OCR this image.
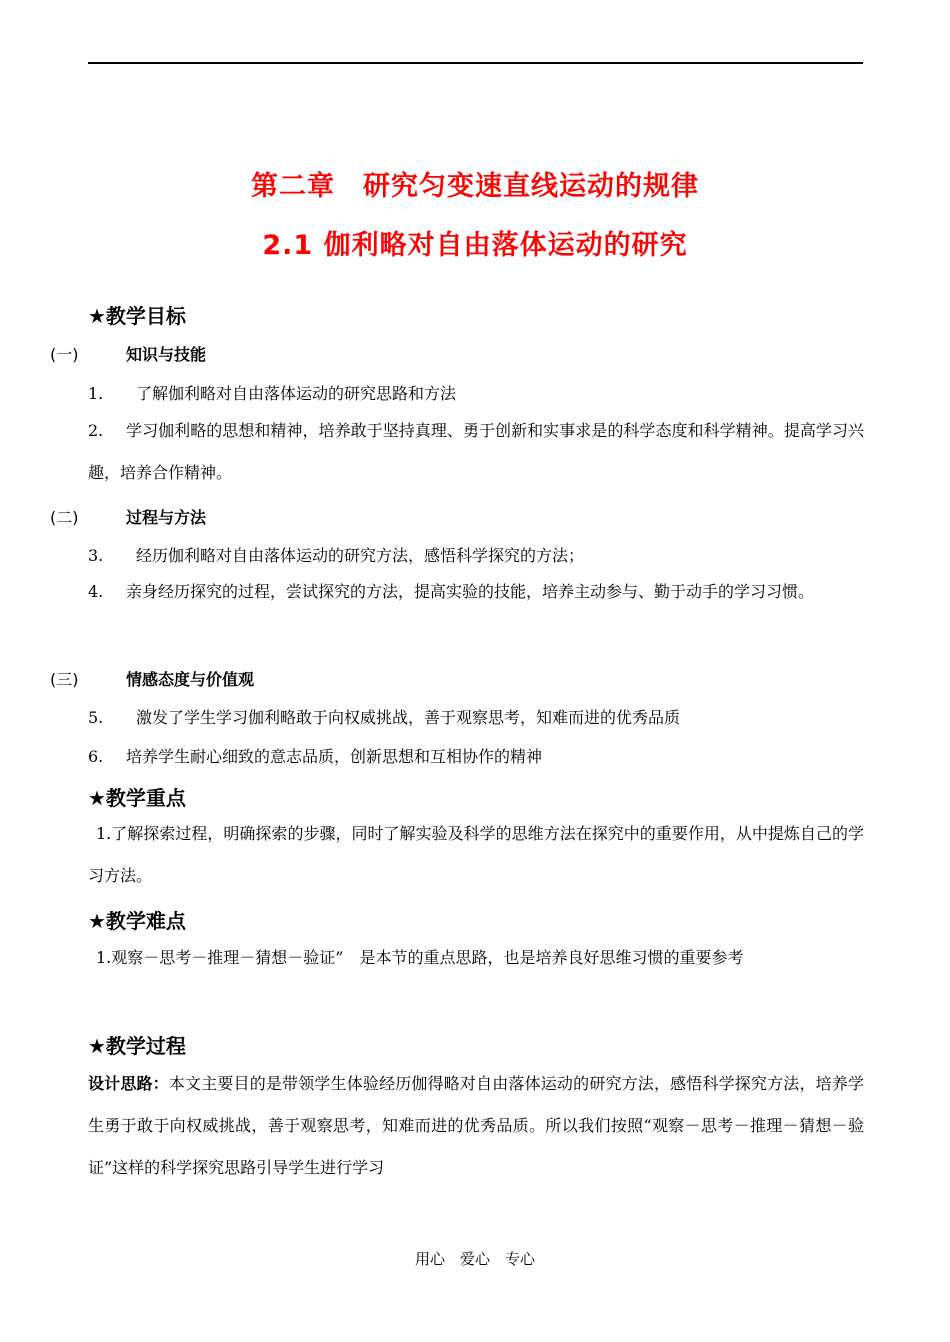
第二章　研究匀变速直线运动的规律
2.1 伽利略对自由落体运动的研究
★教学目标
(一)	知识与技能
1. 了解伽利略对自由落体运动的研究思路和方法
2. 学习伽利略的思想和精神，培养敢于坚持真理、勇于创新和实事求是的科学态度和科学精神。提高学习兴趣，培养合作精神。
(二)	过程与方法
3. 经历伽利略对自由落体运动的研究方法，感悟科学探究的方法；
4. 亲身经历探究的过程，尝试探究的方法，提高实验的技能，培养主动参与、勤于动手的学习习惯。
(三)	情感态度与价值观
5. 激发了学生学习伽利略敢于向权威挑战，善于观察思考，知难而进的优秀品质
6. 培养学生耐心细致的意志品质，创新思想和互相协作的精神
★教学重点
1.了解探索过程，明确探索的步骤，同时了解实验及科学的思维方法在探究中的重要作用，从中提炼自己的学习方法。
★教学难点
1.观察－思考－推理－猜想－验证”　是本节的重点思路，也是培养良好思维习惯的重要参考
★教学过程
设计思路：本文主要目的是带领学生体验经历伽得略对自由落体运动的研究方法，感悟科学探究方法，培养学生勇于敢于向权威挑战，善于观察思考，知难而进的优秀品质。所以我们按照“观察－思考－推理－猜想－验证”这样的科学探究思路引导学生进行学习
用心　爱心　专心
